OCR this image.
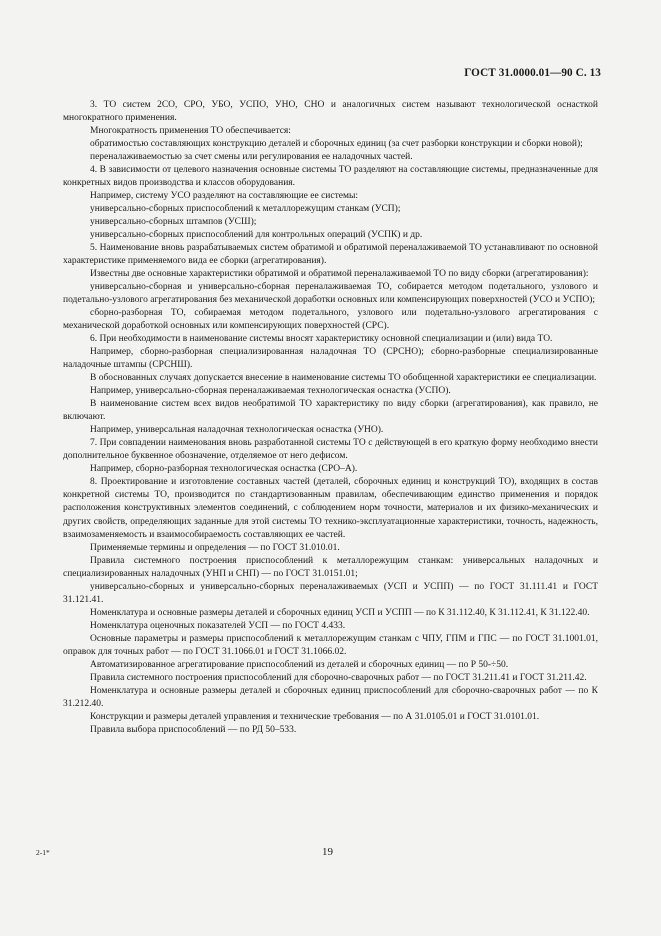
ГОСТ 31.0000.01—90 С. 13

3. ТО систем 2СО, СРО, УБО, УСПО, УНО, СНО и аналогичных систем называют технологической оснасткой многократного применения.

Многократность применения ТО обеспечивается:

обратимостью составляющих конструкцию деталей и сборочных единиц (за счет разборки конструкции и сборки новой);

переналаживаемостью за счет смены или регулирования ее наладочных частей.

4. В зависимости от целевого назначения основные системы ТО разделяют на составляющие системы, предназначенные для конкретных видов производства и классов оборудования.

Например, систему УСО разделяют на составляющие ее системы:

универсально-сборных приспособлений к металлорежущим станкам (УСП);

универсально-сборных штампов (УСШ);

универсально-сборных приспособлений для контрольных операций (УСПК) и др.

5. Наименование вновь разрабатываемых систем обратимой и обратимой переналаживаемой ТО устанавливают по основной характеристике применяемого вида ее сборки (агрегатирования).

Известны две основные характеристики обратимой и обратимой переналаживаемой ТО по виду сборки (агрегатирования):

универсально-сборная и универсально-сборная переналаживаемая ТО, собирается методом подетального, узлового и подетально-узлового агрегатирования без механической доработки основных или компенсирующих поверхностей (УСО и УСПО);

сборно-разборная ТО, собираемая методом подетального, узлового или подетально-узлового агрегатирования с механической доработкой основных или компенсирующих поверхностей (СРС).

6. При необходимости в наименование системы вносят характеристику основной специализации и (или) вида ТО.

Например, сборно-разборная специализированная наладочная ТО (СРСНО); сборно-разборные специализированные наладочные штампы (СРСНШ).

В обоснованных случаях допускается внесение в наименование системы ТО обобщенной характеристики ее специализации.

Например, универсально-сборная переналаживаемая технологическая оснастка (УСПО).

В наименование систем всех видов необратимой ТО характеристику по виду сборки (агрегатирования), как правило, не включают.

Например, универсальная наладочная технологическая оснастка (УНО).

7. При совпадении наименования вновь разработанной системы ТО с действующей в его краткую форму необходимо внести дополнительное буквенное обозначение, отделяемое от него дефисом.

Например, сборно-разборная технологическая оснастка (СРО–А).

8. Проектирование и изготовление составных частей (деталей, сборочных единиц и конструкций ТО), входящих в состав конкретной системы ТО, производится по стандартизованным правилам, обеспечивающим единство применения и порядок расположения конструктивных элементов соединений, с соблюдением норм точности, материалов и их физико-механических и других свойств, определяющих заданные для этой системы ТО технико-эксплуатационные характеристики, точность, надежность, взаимозаменяемость и взаимособираемость составляющих ее частей.

Применяемые термины и определения — по ГОСТ 31.010.01.

Правила системного построения приспособлений к металлорежущим станкам: универсальных наладочных и специализированных наладочных (УНП и СНП) — по ГОСТ 31.0151.01;

универсально-сборных и универсально-сборных переналаживаемых (УСП и УСПП) — по ГОСТ 31.111.41 и ГОСТ 31.121.41.

Номенклатура и основные размеры деталей и сборочных единиц УСП и УСПП — по К 31.112.40, К 31.112.41, К 31.122.40.

Номенклатура оценочных показателей УСП — по ГОСТ 4.433.

Основные параметры и размеры приспособлений к металлорежущим станкам с ЧПУ, ГПМ и ГПС — по ГОСТ 31.1001.01, оправок для точных работ — по ГОСТ 31.1066.01 и ГОСТ 31.1066.02.

Автоматизированное агрегатирование приспособлений из деталей и сборочных единиц — по Р 50-÷50.

Правила системного построения приспособлений для сборочно-сварочных работ — по ГОСТ 31.211.41 и ГОСТ 31.211.42.

Номенклатура и основные размеры деталей и сборочных единиц приспособлений для сборочно-сварочных работ — по К 31.212.40.

Конструкции и размеры деталей управления и технические требования — по А 31.0105.01 и ГОСТ 31.0101.01.

Правила выбора приспособлений — по РД 50–533.

2-1*	19
